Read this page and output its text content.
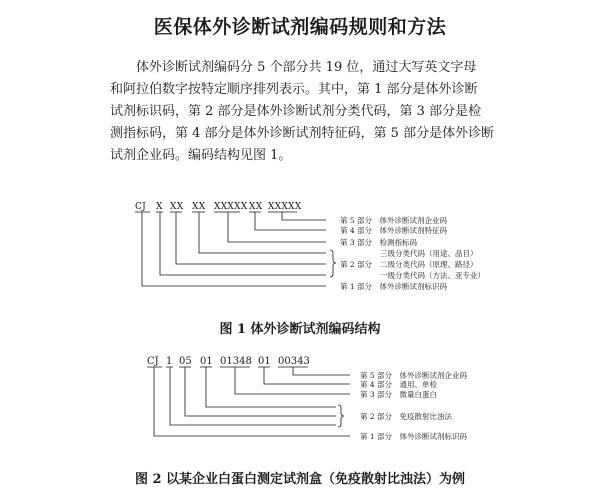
医保体外诊断试剂编码规则和方法
体外诊断试剂编码分 5 个部分共 19 位，通过大写英文字母
和阿拉伯数字按特定顺序排列表示。其中，第 1 部分是体外诊断
试剂标识码，第 2 部分是体外诊断试剂分类代码，第 3 部分是检
测指标码，第 4 部分是体外诊断试剂特征码，第 5 部分是体外诊断
试剂企业码。编码结构见图 1。
CJ X XX XX XXXXX XX XXXXX
第 5 部分　体外诊断试剂企业码
第 4 部分　体外诊断试剂特征码
第 3 部分　检测指标码
三级分类代码（用途、品目）
第 2 部分 二级分类代码（原理、路径）
一级分类代码（方法、亚专业）
第 1 部分　体外诊断试剂标识码
图 1 体外诊断试剂编码结构
CJ 1 05 01 01348 01 00343
第 5 部分　体外诊断试剂企业码
第 4 部分　通用、单检
第 3 部分　微量白蛋白
第 2 部分　免疫散射比浊法
第 1 部分　体外诊断试剂标识码
图 2 以某企业白蛋白测定试剂盒（免疫散射比浊法）为例
